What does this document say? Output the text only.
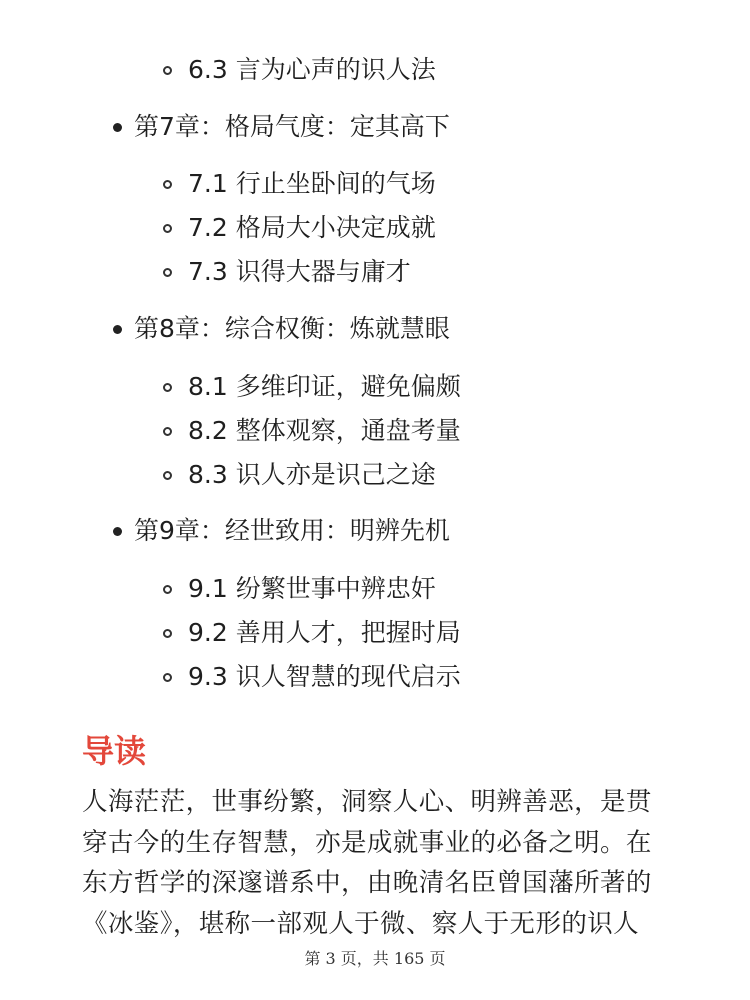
6.3 言为心声的识人法
第7章：格局气度：定其高下
7.1 行止坐卧间的气场
7.2 格局大小决定成就
7.3 识得大器与庸才
第8章：综合权衡：炼就慧眼
8.1 多维印证，避免偏颇
8.2 整体观察，通盘考量
8.3 识人亦是识己之途
第9章：经世致用：明辨先机
9.1 纷繁世事中辨忠奸
9.2 善用人才，把握时局
9.3 识人智慧的现代启示
导读
人海茫茫，世事纷繁，洞察人心、明辨善恶，是贯
穿古今的生存智慧，亦是成就事业的必备之明。在
东方哲学的深邃谱系中，由晚清名臣曾国藩所著的
《冰鉴》，堪称一部观人于微、察人于无形的识人
第 3 页，共 165 页
